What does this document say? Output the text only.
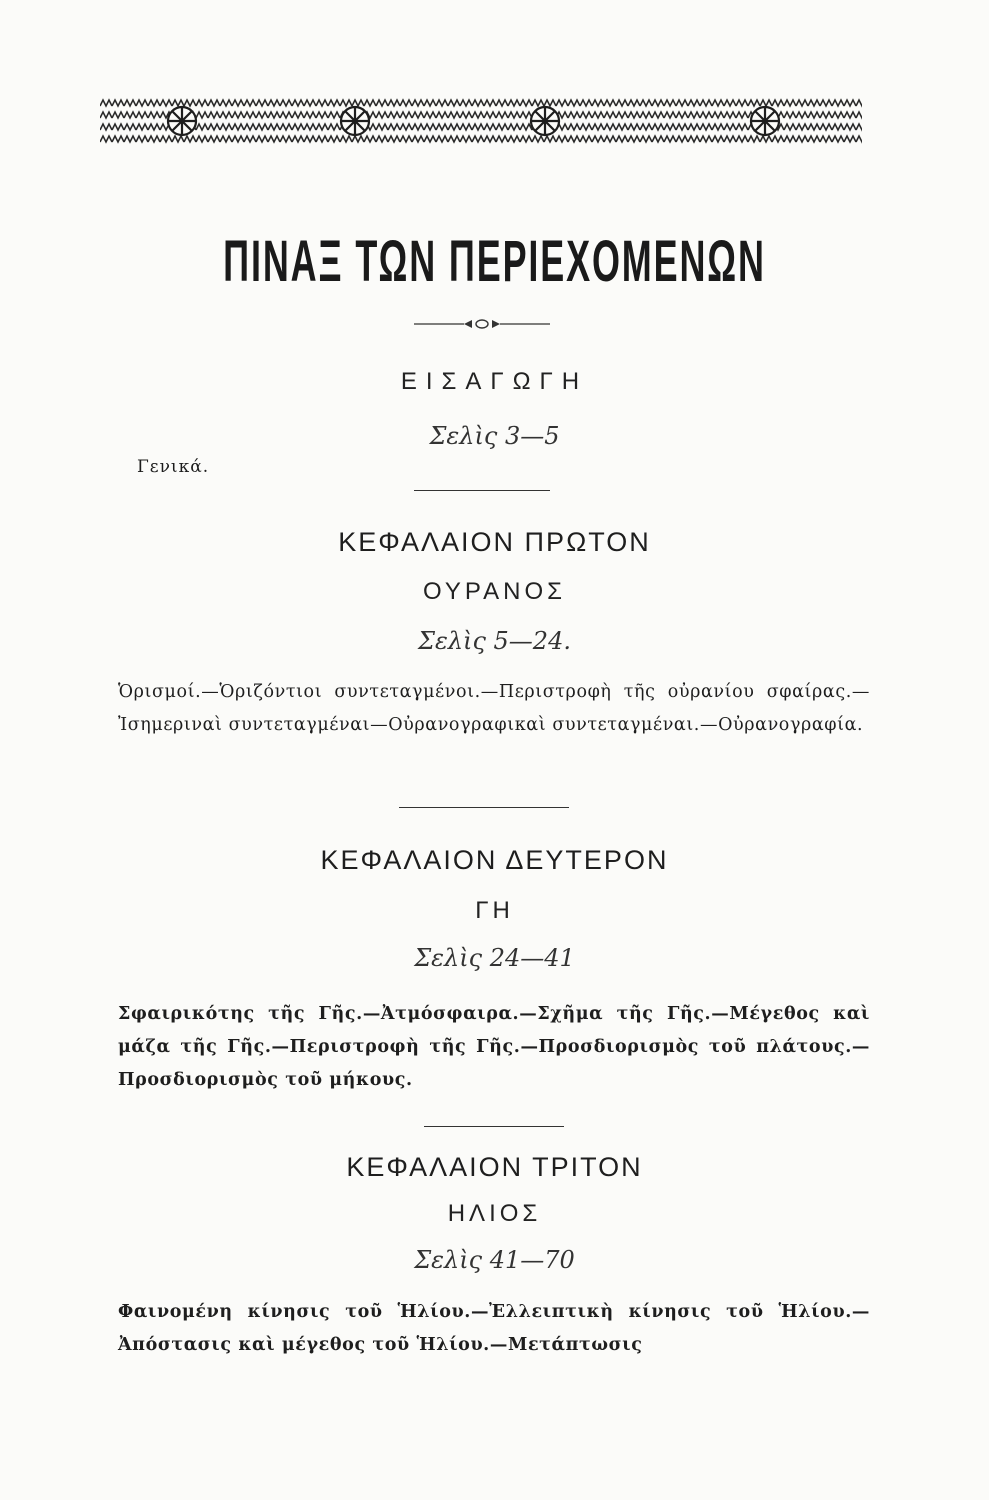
ΠΙΝΑΞ ΤΩΝ ΠΕΡΙΕΧΟΜΕΝΩΝ
ΕΙΣΑΓΩΓΗ
Σελὶς 3—5
Γενικά.
ΚΕΦΑΛΑΙΟΝ ΠΡΩΤΟΝ
ΟΥΡΑΝΟΣ
Σελὶς 5—24.
Ὁρισμοί.—Ὁριζόντιοι συντεταγμένοι.—Περιστροφὴ τῆς οὐρανίου σφαίρας.—Ἰσημεριναὶ συντεταγμέναι—Οὐρανογραφικαὶ συντεταγμέναι.—Οὐρανογραφία.
ΚΕΦΑΛΑΙΟΝ ΔΕΥΤΕΡΟΝ
ΓΗ
Σελὶς 24—41
Σφαιρικότης τῆς Γῆς.—Ἀτμόσφαιρα.—Σχῆμα τῆς Γῆς.—Μέγεθος καὶ μάζα τῆς Γῆς.—Περιστροφὴ τῆς Γῆς.—Προσδιορισμὸς τοῦ πλάτους.—Προσδιορισμὸς τοῦ μήκους.
ΚΕΦΑΛΑΙΟΝ ΤΡΙΤΟΝ
ΗΛΙΟΣ
Σελὶς 41—70
Φαινομένη κίνησις τοῦ Ἡλίου.—Ἐλλειπτικὴ κίνησις τοῦ Ἡλίου.— Ἀπόστασις καὶ μέγεθος τοῦ Ἡλίου.—Μετάπτωσις
